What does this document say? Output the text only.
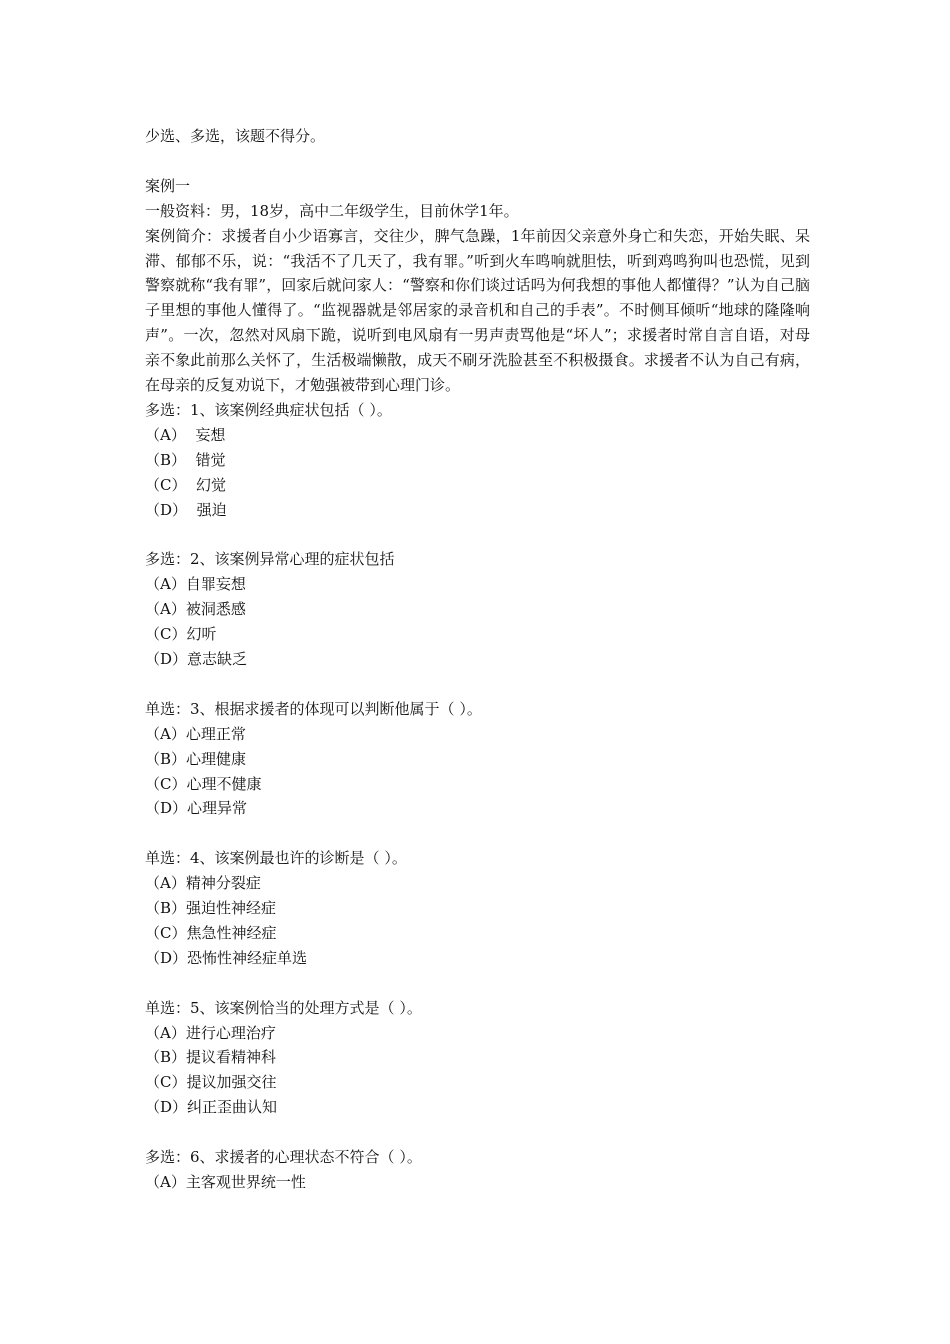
少选、多选，该题不得分。
案例一
一般资料：男，18岁，高中二年级学生，目前休学1年。
案例简介：求援者自小少语寡言，交往少，脾气急躁，1年前因父亲意外身亡和失恋，开始失眠、呆滞、郁郁不乐，说：“我活不了几天了，我有罪。”听到火车鸣响就胆怯，听到鸡鸣狗叫也恐慌，见到警察就称“我有罪”，回家后就问家人：“警察和你们谈过话吗为何我想的事他人都懂得？”认为自己脑子里想的事他人懂得了。“监视器就是邻居家的录音机和自己的手表”。不时侧耳倾听“地球的隆隆响声”。一次，忽然对风扇下跪，说听到电风扇有一男声责骂他是“坏人”；求援者时常自言自语，对母亲不象此前那么关怀了，生活极端懒散，成天不刷牙洗脸甚至不积极摄食。求援者不认为自己有病，在母亲的反复劝说下，才勉强被带到心理门诊。
多选：1、该案例经典症状包括（ ）。
（A）  妄想
（B）  错觉
（C）  幻觉
（D）  强迫
多选：2、该案例异常心理的症状包括
（A）自罪妄想
（A）被洞悉感
（C）幻听
（D）意志缺乏
单选：3、根据求援者的体现可以判断他属于（ ）。
（A）心理正常
（B）心理健康
（C）心理不健康
（D）心理异常
单选：4、该案例最也许的诊断是（ ）。
（A）精神分裂症
（B）强迫性神经症
（C）焦急性神经症
（D）恐怖性神经症单选
单选：5、该案例恰当的处理方式是（ ）。
（A）进行心理治疗
（B）提议看精神科
（C）提议加强交往
（D）纠正歪曲认知
多选：6、求援者的心理状态不符合（ ）。
（A）主客观世界统一性
